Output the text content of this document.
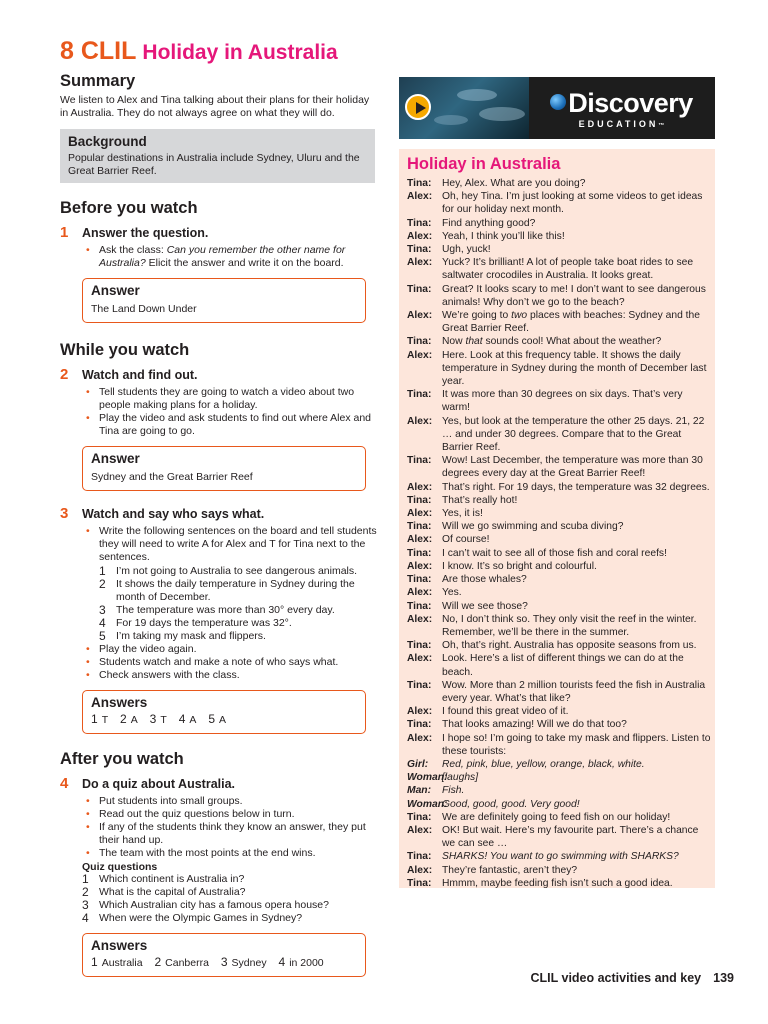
8 CLIL Holiday in Australia
Summary
We listen to Alex and Tina talking about their plans for their holiday in Australia. They do not always agree on what they will do.
Background
Popular destinations in Australia include Sydney, Uluru and the Great Barrier Reef.
Before you watch
1	Answer the question.
• Ask the class: Can you remember the other name for Australia? Elicit the answer and write it on the board.
Answer
The Land Down Under
While you watch
2	Watch and find out.
• Tell students they are going to watch a video about two people making plans for a holiday.
• Play the video and ask students to find out where Alex and Tina are going to go.
Answer
Sydney and the Great Barrier Reef
3	Watch and say who says what.
• Write the following sentences on the board and tell students they will need to write A for Alex and T for Tina next to the sentences.
1 I’m not going to Australia to see dangerous animals.
2 It shows the daily temperature in Sydney during the month of December.
3 The temperature was more than 30° every day.
4 For 19 days the temperature was 32°.
5 I’m taking my mask and flippers.
• Play the video again.
• Students watch and make a note of who says what.
• Check answers with the class.
Answers
1 T 2 A 3 T 4 A 5 A
After you watch
4	Do a quiz about Australia.
• Put students into small groups.
• Read out the quiz questions below in turn.
• If any of the students think they know an answer, they put their hand up.
• The team with the most points at the end wins.
Quiz questions
1 Which continent is Australia in?
2 What is the capital of Australia?
3 Which Australian city has a famous opera house?
4 When were the Olympic Games in Sydney?
Answers
1 Australia 2 Canberra 3 Sydney 4 in 2000
Discovery
EDUCATION™
Holiday in Australia
Tina:	Hey, Alex. What are you doing?
Alex: Oh, hey Tina. I’m just looking at some videos to get ideas for our holiday next month.
Tina:	Find anything good?
Alex: Yeah, I think you’ll like this!
Tina:	Ugh, yuck!
Alex: Yuck? It’s brilliant! A lot of people take boat rides to see saltwater crocodiles in Australia. It looks great.
Tina:	Great? It looks scary to me! I don’t want to see dangerous animals! Why don’t we go to the beach?
Alex: We’re going to two places with beaches: Sydney and the Great Barrier Reef.
Tina:	Now that sounds cool! What about the weather?
Alex: Here. Look at this frequency table. It shows the daily temperature in Sydney during the month of December last year.
Tina:	It was more than 30 degrees on six days. That’s very warm!
Alex: Yes, but look at the temperature the other 25 days. 21, 22 … and under 30 degrees. Compare that to the Great Barrier Reef.
Tina:	Wow! Last December, the temperature was more than 30 degrees every day at the Great Barrier Reef!
Alex: That’s right. For 19 days, the temperature was 32 degrees.
Tina:	That’s really hot!
Alex: Yes, it is!
Tina:	Will we go swimming and scuba diving?
Alex: Of course!
Tina:	I can’t wait to see all of those fish and coral reefs!
Alex: I know. It’s so bright and colourful.
Tina:	Are those whales?
Alex: Yes.
Tina:	Will we see those?
Alex: No, I don’t think so. They only visit the reef in the winter. Remember, we’ll be there in the summer.
Tina:	Oh, that’s right. Australia has opposite seasons from us.
Alex: Look. Here’s a list of different things we can do at the beach.
Tina:	Wow. More than 2 million tourists feed the fish in Australia every year. What’s that like?
Alex: I found this great video of it.
Tina:	That looks amazing! Will we do that too?
Alex: I hope so! I’m going to take my mask and flippers. Listen to these tourists:
Girl:	Red, pink, blue, yellow, orange, black, white.
Woman:
[laughs]
Man:	Fish.
Woman:
Good, good, good. Very good!
Tina:	We are definitely going to feed fish on our holiday!
Alex: OK! But wait. Here’s my favourite part. There’s a chance we can see …
Tina:	SHARKS! You want to go swimming with SHARKS?
Alex: They’re fantastic, aren’t they?
Tina:	Hmmm, maybe feeding fish isn’t such a good idea.
CLIL video activities and key 139
